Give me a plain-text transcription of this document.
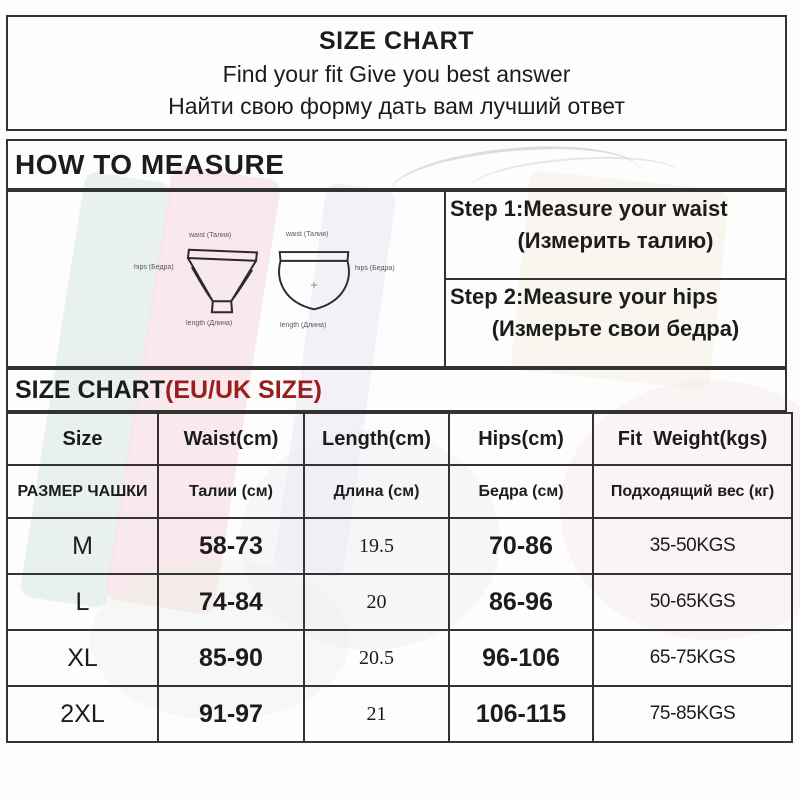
SIZE CHART
Find your fit Give you best answer
Найти свою форму дать вам лучший ответ
HOW TO MEASURE
waist (Талия)	waist (Талия)
hips (Бедра)	hips (Бедра)
length (Длина)	length (Длина)
Step 1:Measure your waist
(Измерить талию)
Step 2:Measure your hips
(Измерьте свои бедра)
SIZE CHART(EU/UK SIZE)
Size	Waist(cm)	Length(cm)	Hips(cm)	Fit  Weight(kgs)
РАЗМЕР ЧАШКИ	Талии (см)	Длина (см)	Бедра (см)	Подходящий вес (кг)
M	58-73	19.5	70-86	35-50KGS
L	74-84	20	86-96	50-65KGS
XL	85-90	20.5	96-106	65-75KGS
2XL	91-97	21	106-115	75-85KGS
